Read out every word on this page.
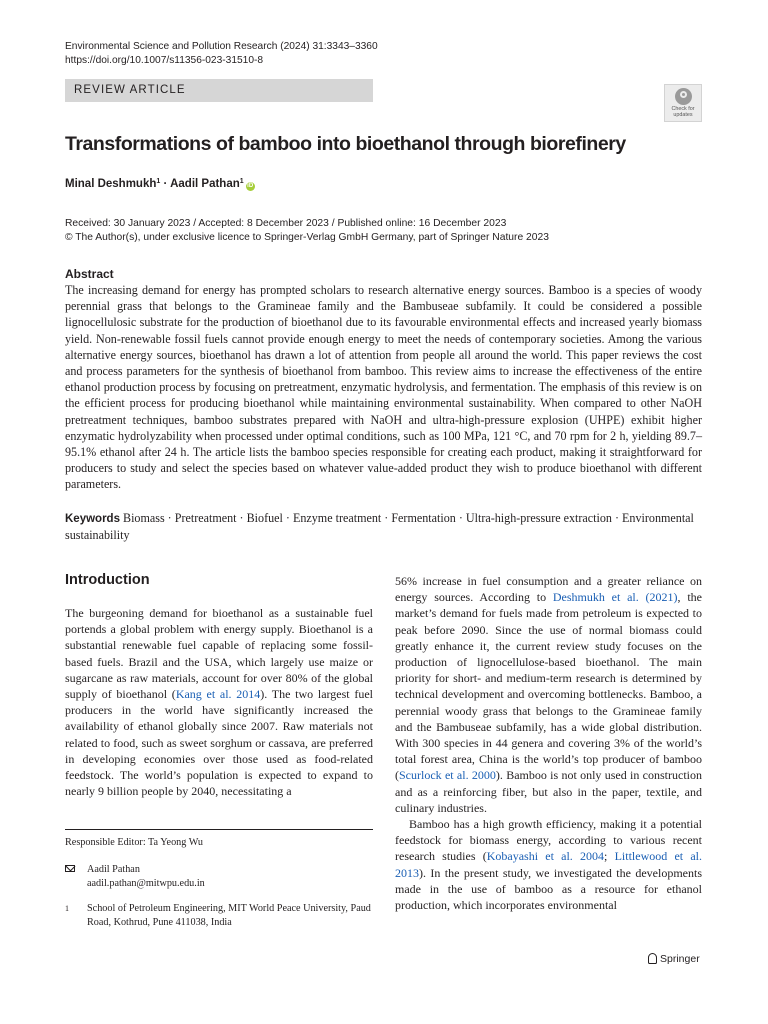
Environmental Science and Pollution Research (2024) 31:3343–3360
https://doi.org/10.1007/s11356-023-31510-8
REVIEW ARTICLE
Check for
updates
Transformations of bamboo into bioethanol through biorefinery
Minal Deshmukh$^1$ · Aadil Pathan$^1$iD
Received: 30 January 2023 / Accepted: 8 December 2023 / Published online: 16 December 2023
© The Author(s), under exclusive licence to Springer-Verlag GmbH Germany, part of Springer Nature 2023
Abstract
The increasing demand for energy has prompted scholars to research alternative energy sources. Bamboo is a species of woody perennial grass that belongs to the Gramineae family and the Bambuseae subfamily. It could be considered a possible lignocellulosic substrate for the production of bioethanol due to its favourable environmental effects and increased yearly biomass yield. Non-renewable fossil fuels cannot provide enough energy to meet the needs of contemporary societies. Among the various alternative energy sources, bioethanol has drawn a lot of attention from people all around the world. This paper reviews the cost and process parameters for the synthesis of bioethanol from bamboo. This review aims to increase the effectiveness of the entire ethanol production process by focusing on pretreatment, enzymatic hydrolysis, and fermentation. The emphasis of this review is on the efficient process for producing bioethanol while maintaining environmental sustainability. When compared to other NaOH pretreatment techniques, bamboo substrates prepared with NaOH and ultra-high-pressure explosion (UHPE) exhibit higher enzymatic hydrolyzability when processed under optimal conditions, such as 100 MPa, 121 °C, and 70 rpm for 2 h, yielding 89.7–95.1% ethanol after 24 h. The article lists the bamboo species responsible for creating each product, making it straightforward for producers to study and select the species based on whatever value-added product they wish to produce bioethanol with different parameters.
Keywords Biomass · Pretreatment · Biofuel · Enzyme treatment · Fermentation · Ultra-high-pressure extraction · Environmental sustainability
Introduction

The burgeoning demand for bioethanol as a sustainable fuel portends a global problem with energy supply. Bioethanol is a substantial renewable fuel capable of replacing some fossil-based fuels. Brazil and the USA, which largely use maize or sugarcane as raw materials, account for over 80% of the global supply of bioethanol (Kang et al. 2014). The two largest fuel producers in the world have significantly increased the availability of ethanol globally since 2007. Raw materials not related to food, such as sweet sorghum or cassava, are preferred in developing economies over those used as food-related feedstock. The world’s population is expected to expand to nearly 9 billion people by 2040, necessitating a

56% increase in fuel consumption and a greater reliance on energy sources. According to Deshmukh et al. (2021), the market’s demand for fuels made from petroleum is expected to peak before 2090. Since the use of normal biomass could greatly enhance it, the current review study focuses on the production of lignocellulose-based bioethanol. The main priority for short- and medium-term research is determined by technical development and overcoming bottlenecks. Bamboo, a perennial woody grass that belongs to the Gramineae family and the Bambuseae subfamily, has a wide global distribution. With 300 species in 44 genera and covering 3% of the world’s total forest area, China is the world’s top producer of bamboo (Scurlock et al. 2000). Bamboo is not only used in construction and as a reinforcing fiber, but also in the paper, textile, and culinary industries.

Bamboo has a high growth efficiency, making it a potential feedstock for biomass energy, according to various recent research studies (Kobayashi et al. 2004; Littlewood et al. 2013). In the present study, we investigated the developments made in the use of bamboo as a resource for ethanol production, which incorporates environmental

Responsible Editor: Ta Yeong Wu
Aadil Pathan
aadil.pathan@mitwpu.edu.in
1	School of Petroleum Engineering, MIT World Peace University, Paud Road, Kothrud, Pune 411038, India
Springer
